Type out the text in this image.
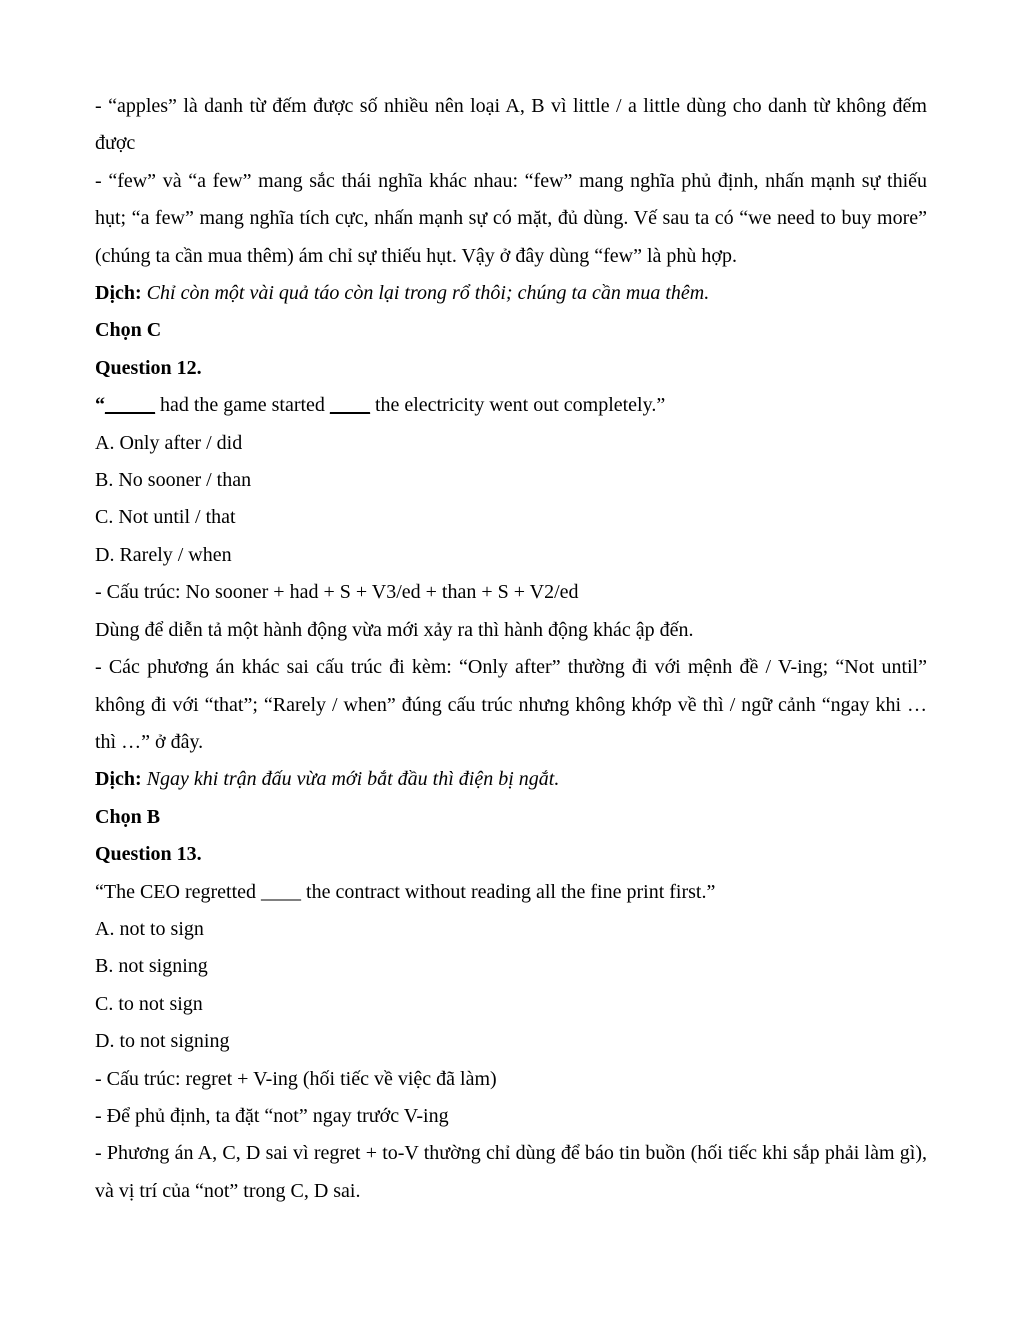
- “apples” là danh từ đếm được số nhiều nên loại A, B vì little / a little dùng cho danh từ không đếm được

- “few” và “a few” mang sắc thái nghĩa khác nhau: “few” mang nghĩa phủ định, nhấn mạnh sự thiếu hụt; “a few” mang nghĩa tích cực, nhấn mạnh sự có mặt, đủ dùng. Vế sau ta có “we need to buy more” (chúng ta cần mua thêm) ám chỉ sự thiếu hụt. Vậy ở đây dùng “few” là phù hợp.

Dịch: Chỉ còn một vài quả táo còn lại trong rổ thôi; chúng ta cần mua thêm.

Chọn C

Question 12.

“_____ had the game started ____ the electricity went out completely.”

A. Only after / did

B. No sooner / than

C. Not until / that

D. Rarely / when

- Cấu trúc: No sooner + had + S + V3/ed + than + S + V2/ed

Dùng để diễn tả một hành động vừa mới xảy ra thì hành động khác ập đến.

- Các phương án khác sai cấu trúc đi kèm: “Only after” thường đi với mệnh đề / V-ing; “Not until” không đi với “that”; “Rarely / when” đúng cấu trúc nhưng không khớp về thì / ngữ cảnh “ngay khi … thì …” ở đây.

Dịch: Ngay khi trận đấu vừa mới bắt đầu thì điện bị ngắt.

Chọn B

Question 13.

“The CEO regretted ____ the contract without reading all the fine print first.”

A. not to sign

B. not signing

C. to not sign

D. to not signing

- Cấu trúc: regret + V-ing (hối tiếc về việc đã làm)

- Để phủ định, ta đặt “not” ngay trước V-ing

- Phương án A, C, D sai vì regret + to-V thường chỉ dùng để báo tin buồn (hối tiếc khi sắp phải làm gì), và vị trí của “not” trong C, D sai.
